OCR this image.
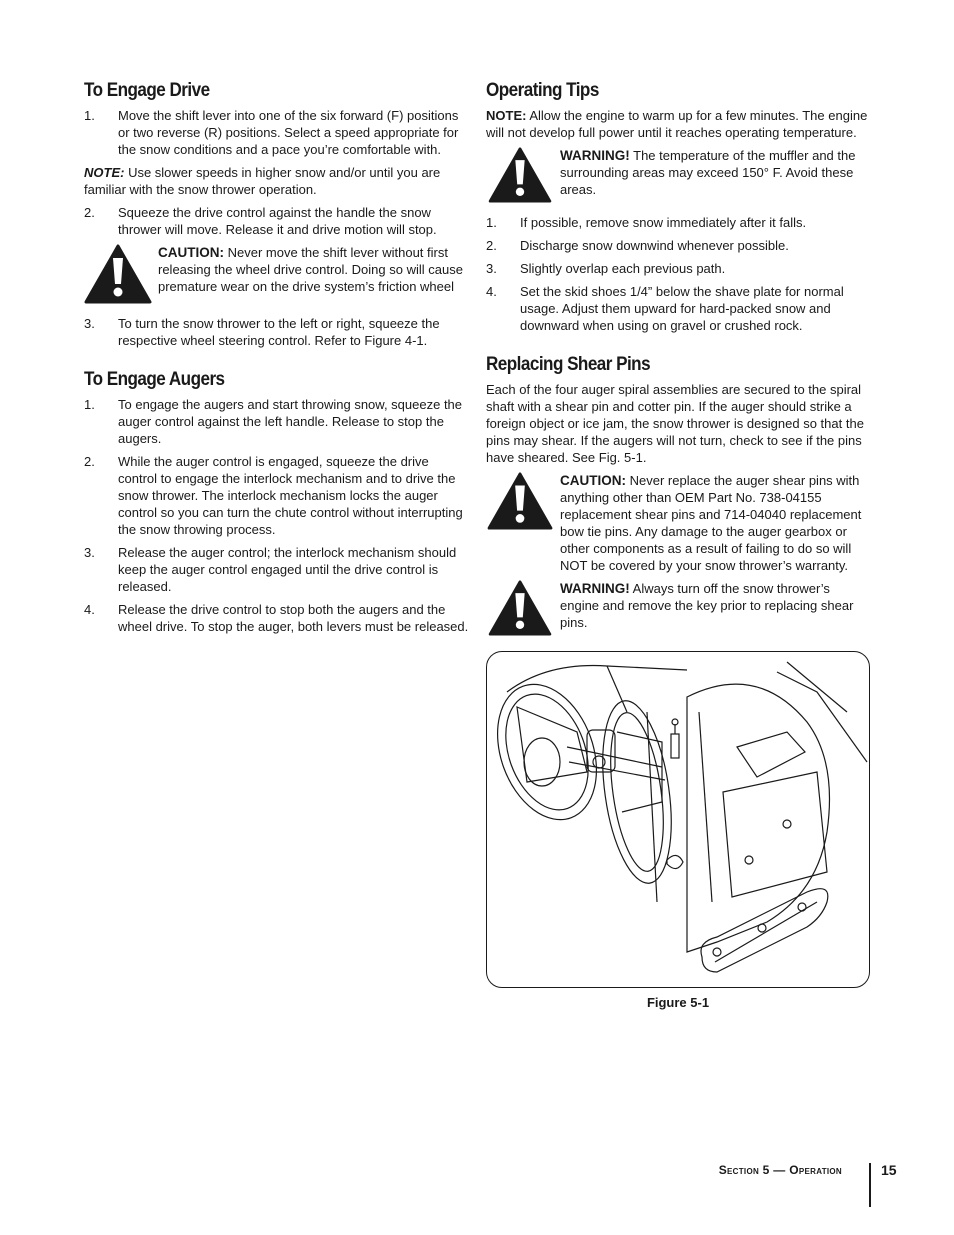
To Engage Drive
1.	Move the shift lever into one of the six forward (F) positions or two reverse (R) positions. Select a speed appropriate for the snow conditions and a pace you’re comfortable with.

NOTE: Use slower speeds in higher snow and/or until you are familiar with the snow thrower operation.

2.	Squeeze the drive control against the handle the snow thrower will move. Release it and drive motion will stop.
CAUTION: Never move the shift lever without first releasing the wheel drive control. Doing so will cause premature wear on the drive system’s friction wheel
3.	To turn the snow thrower to the left or right, squeeze the respective wheel steering control. Refer to Figure 4-1.
To Engage Augers
1.	To engage the augers and start throwing snow, squeeze the auger control against the left handle. Release to stop the augers.
2.	While the auger control is engaged, squeeze the drive control to engage the interlock mechanism and to drive the snow thrower. The interlock mechanism locks the auger control so you can turn the chute control without interrupting the snow throwing process.
3.	Release the auger control; the interlock mechanism should keep the auger control engaged until the drive control is released.
4.	Release the drive control to stop both the augers and the wheel drive. To stop the auger, both levers must be released.
Operating Tips

NOTE: Allow the engine to warm up for a few minutes. The engine will not develop full power until it reaches operating temperature.

WARNING! The temperature of the muffler and the surrounding areas may exceed 150° F. Avoid these areas.
1.	If possible, remove snow immediately after it falls.
2.	Discharge snow downwind whenever possible.
3.	Slightly overlap each previous path.
4.	Set the skid shoes 1/4” below the shave plate for normal usage. Adjust them upward for hard-packed snow and downward when using on gravel or crushed rock.
Replacing Shear Pins

Each of the four auger spiral assemblies are secured to the spiral shaft with a shear pin and cotter pin. If the auger should strike a foreign object or ice jam, the snow thrower is designed so that the pins may shear. If the augers will not turn, check to see if the pins have sheared. See Fig. 5-1.

CAUTION: Never replace the auger shear pins with anything other than OEM Part No. 738-04155 replacement shear pins and 714-04040 replacement bow tie pins. Any damage to the auger gearbox or other components as a result of failing to do so will NOT be covered by your snow thrower’s warranty.
WARNING! Always turn off the snow thrower’s engine and remove the key prior to replacing shear pins.
Figure 5-1
Section 5 — Operation	15
